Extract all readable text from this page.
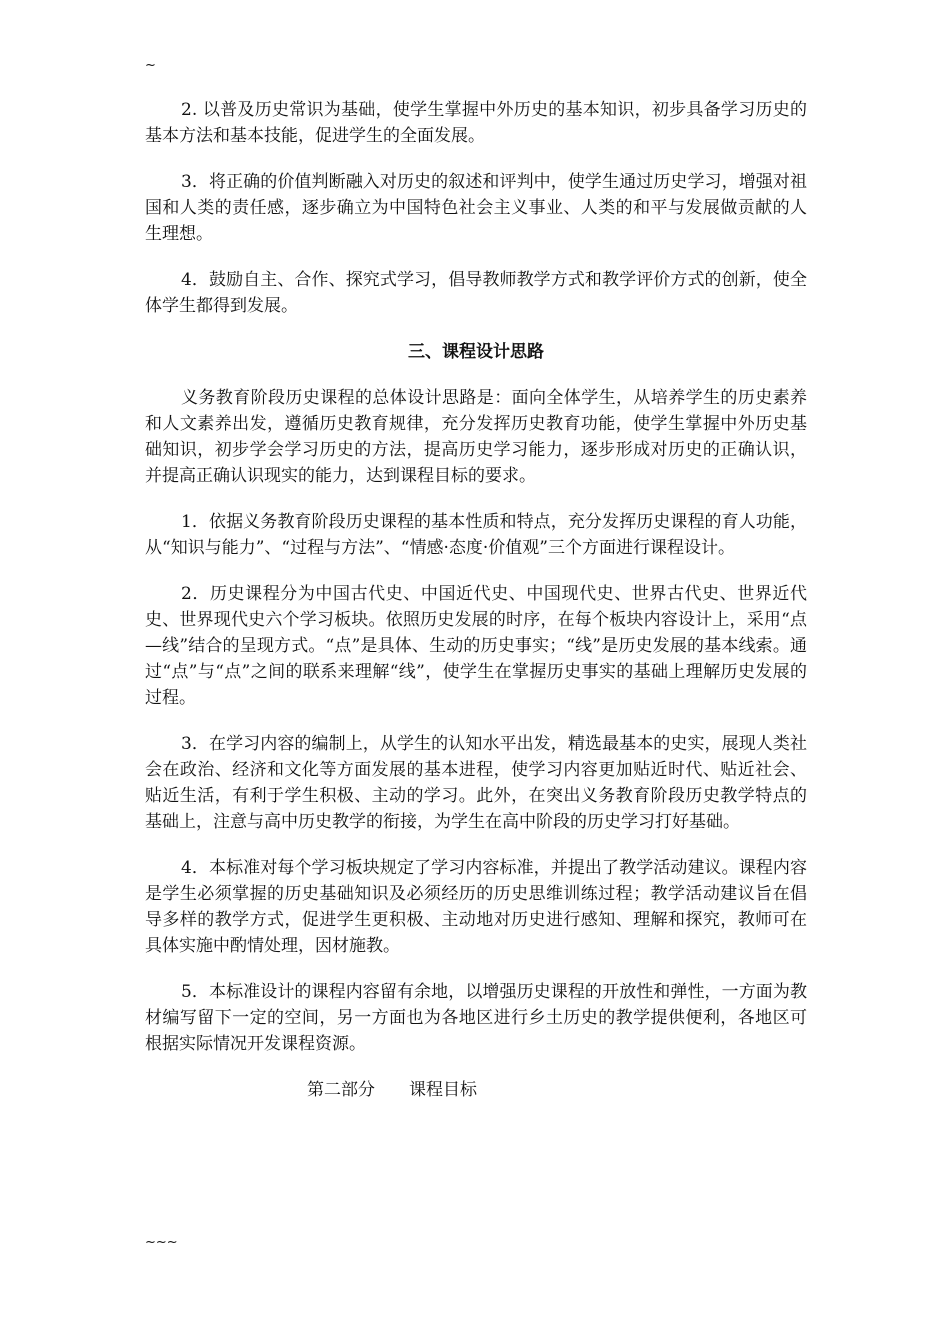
~

2. 以普及历史常识为基础，使学生掌握中外历史的基本知识，初步具备学习历史的基本方法和基本技能，促进学生的全面发展。

3．将正确的价值判断融入对历史的叙述和评判中，使学生通过历史学习，增强对祖国和人类的责任感，逐步确立为中国特色社会主义事业、人类的和平与发展做贡献的人生理想。

4．鼓励自主、合作、探究式学习，倡导教师教学方式和教学评价方式的创新，使全体学生都得到发展。

三、课程设计思路

义务教育阶段历史课程的总体设计思路是：面向全体学生，从培养学生的历史素养和人文素养出发，遵循历史教育规律，充分发挥历史教育功能，使学生掌握中外历史基础知识，初步学会学习历史的方法，提高历史学习能力，逐步形成对历史的正确认识，并提高正确认识现实的能力，达到课程目标的要求。

1．依据义务教育阶段历史课程的基本性质和特点，充分发挥历史课程的育人功能，从“知识与能力”、“过程与方法”、“情感·态度·价值观”三个方面进行课程设计。

2．历史课程分为中国古代史、中国近代史、中国现代史、世界古代史、世界近代史、世界现代史六个学习板块。依照历史发展的时序，在每个板块内容设计上，采用“点—线”结合的呈现方式。“点”是具体、生动的历史事实；“线”是历史发展的基本线索。通过“点”与“点”之间的联系来理解“线”，使学生在掌握历史事实的基础上理解历史发展的过程。

3．在学习内容的编制上，从学生的认知水平出发，精选最基本的史实，展现人类社会在政治、经济和文化等方面发展的基本进程，使学习内容更加贴近时代、贴近社会、贴近生活，有利于学生积极、主动的学习。此外，在突出义务教育阶段历史教学特点的基础上，注意与高中历史教学的衔接，为学生在高中阶段的历史学习打好基础。

4．本标准对每个学习板块规定了学习内容标准，并提出了教学活动建议。课程内容是学生必须掌握的历史基础知识及必须经历的历史思维训练过程；教学活动建议旨在倡导多样的教学方式，促进学生更积极、主动地对历史进行感知、理解和探究，教师可在具体实施中酌情处理，因材施教。

5．本标准设计的课程内容留有余地，以增强历史课程的开放性和弹性，一方面为教材编写留下一定的空间，另一方面也为各地区进行乡土历史的教学提供便利，各地区可根据实际情况开发课程资源。

第二部分　　课程目标

~~~
